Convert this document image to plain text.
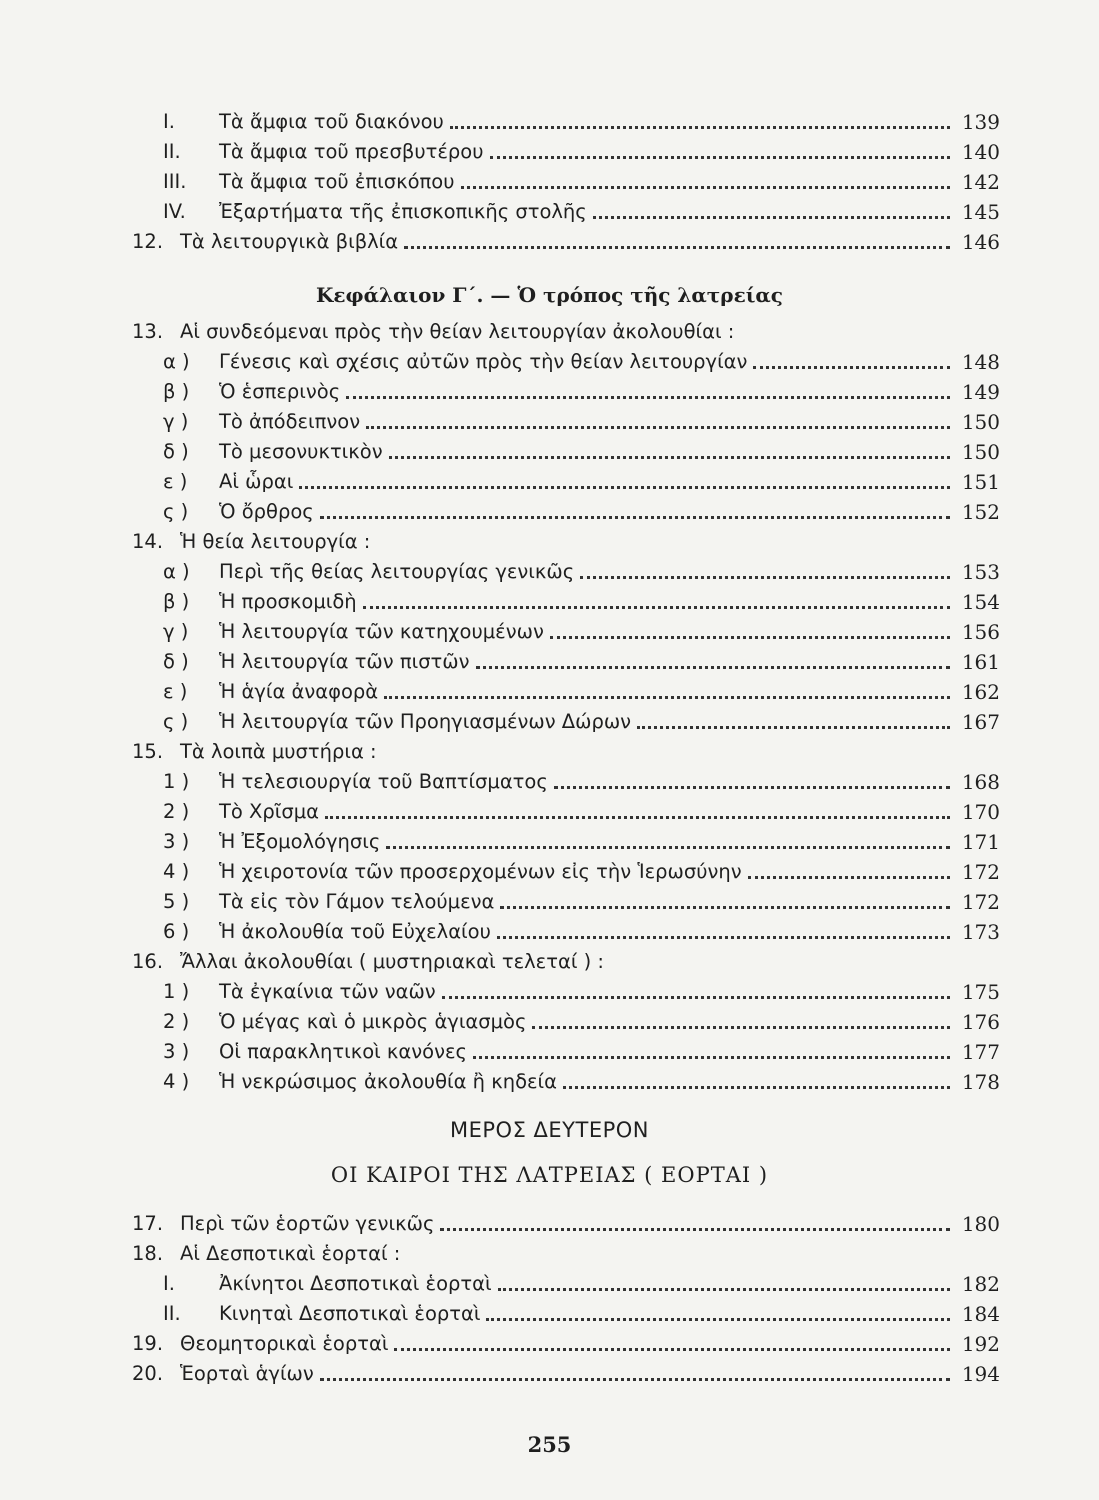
I.	Τὰ ἄμφια τοῦ διακόνου	139
II.	Τὰ ἄμφια τοῦ πρεσβυτέρου	140
III.	Τὰ ἄμφια τοῦ ἐπισκόπου	142
IV.	Ἐξαρτήματα τῆς ἐπισκοπικῆς στολῆς	145
12. Τὰ λειτουργικὰ βιβλία	146
Κεφάλαιον Γ΄. — Ὁ τρόπος τῆς λατρείας
13. Αἱ συνδεόμεναι πρὸς τὴν θείαν λειτουργίαν ἀκολουθίαι :
α )	Γένεσις καὶ σχέσις αὐτῶν πρὸς τὴν θείαν λειτουργίαν	148
β )	Ὁ ἑσπερινὸς	149
γ )	Τὸ ἀπόδειπνον	150
δ )	Τὸ μεσονυκτικὸν	150
ε )	Αἱ ὧραι	151
ς )	Ὁ ὄρθρος	152
14. Ἡ θεία λειτουργία :
α )	Περὶ τῆς θείας λειτουργίας γενικῶς	153
β )	Ἡ προσκομιδὴ	154
γ )	Ἡ λειτουργία τῶν κατηχουμένων	156
δ )	Ἡ λειτουργία τῶν πιστῶν	161
ε )	Ἡ ἁγία ἀναφορὰ	162
ς )	Ἡ λειτουργία τῶν Προηγιασμένων Δώρων	167
15. Τὰ λοιπὰ μυστήρια :
1 )	Ἡ τελεσιουργία τοῦ Βαπτίσματος	168
2 )	Τὸ Χρῖσμα	170
3 )	Ἡ Ἐξομολόγησις	171
4 )	Ἡ χειροτονία τῶν προσερχομένων εἰς τὴν Ἱερωσύνην	172
5 )	Τὰ εἰς τὸν Γάμον τελούμενα	172
6 )	Ἡ ἀκολουθία τοῦ Εὐχελαίου	173
16. Ἄλλαι ἀκολουθίαι ( μυστηριακαὶ τελεταί ) :
1 )	Τὰ ἐγκαίνια τῶν ναῶν	175
2 )	Ὁ μέγας καὶ ὁ μικρὸς ἁγιασμὸς	176
3 )	Οἱ παρακλητικοὶ κανόνες	177
4 )	Ἡ νεκρώσιμος ἀκολουθία ἢ κηδεία	178
ΜΕΡΟΣ ΔΕΥΤΕΡΟΝ
ΟΙ ΚΑΙΡΟΙ ΤΗΣ ΛΑΤΡΕΙΑΣ ( ΕΟΡΤΑΙ )
17. Περὶ τῶν ἑορτῶν γενικῶς	180
18. Αἱ Δεσποτικαὶ ἑορταί :
I.	Ἀκίνητοι Δεσποτικαὶ ἑορταὶ	182
II.	Κινηταὶ Δεσποτικαὶ ἑορταὶ	184
19. Θεομητορικαὶ ἑορταὶ	192
20. Ἑορταὶ ἁγίων	194
255
